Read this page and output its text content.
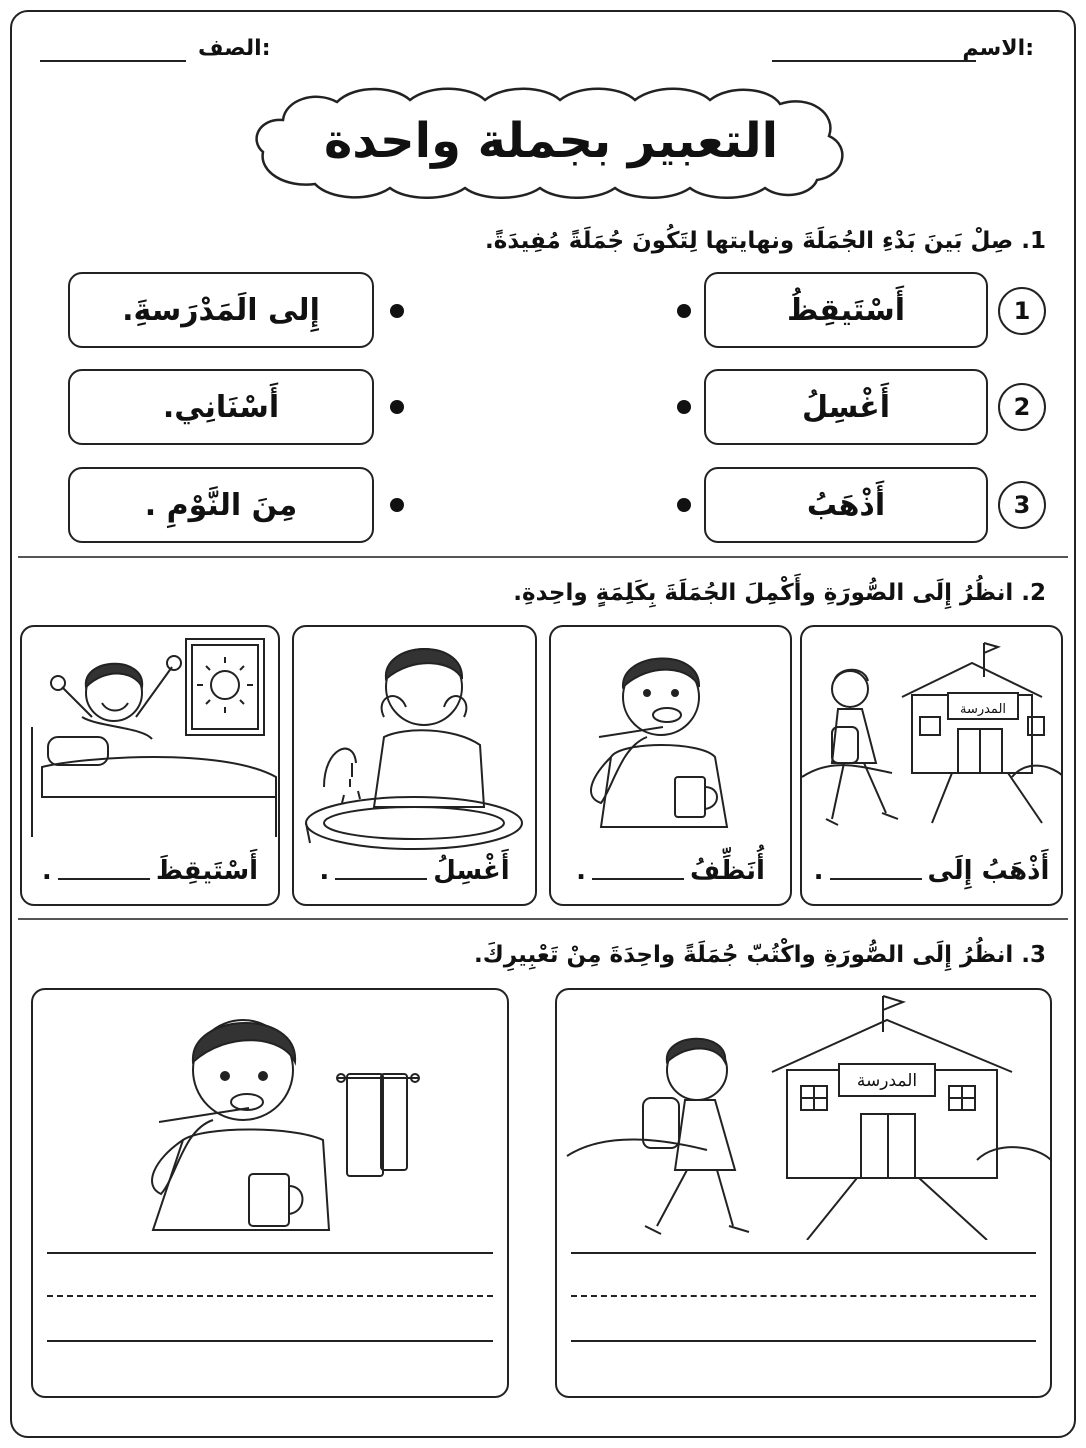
الاسم:
الصف:
التعبير بجملة واحدة
1. صِلْ بَينَ بَدْءِ الجُمَلَةَ ونهايتها لِتَكُونَ جُمَلَةً مُفِيدَةً.
1
2
3
أَسْتَيقِظُ
أَغْسِلُ
أَذْهَبُ
إِلى الَمَدْرَسةَِ.
أَسْنَانِي.
مِنَ النَّوْمِ .
2. انظُرُ إِلَى الصُّورَةِ وأَكْمِلَ الجُمَلَةَ بِكَلِمَةٍ واحِدةِ.
المدرسة
أَذْهَبُ إِلَى
.
أُنَظِّفُ
.
أَغْسِلُ
.
أَسْتَيقِظَ
.
3. انظُرُ إِلَى الصُّورَةِ واكْتُبّ جُمَلَةً واحِدَةَ مِنْ تَعْبِيرِكَ.
المدرسة
